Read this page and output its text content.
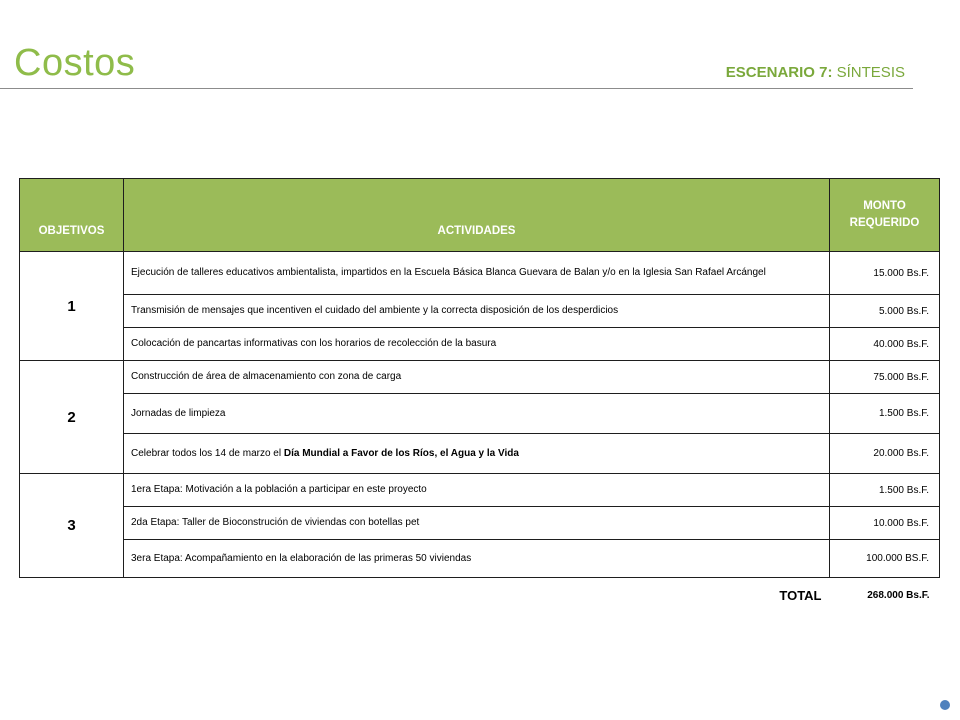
Costos	ESCENARIO 7: SÍNTESIS
OBJETIVOS	ACTIVIDADES	MONTO REQUERIDO
1	Ejecución de talleres educativos ambientalista, impartidos en la Escuela Básica Blanca Guevara de Balan y/o en la Iglesia San Rafael Arcángel	15.000 Bs.F.
	Transmisión de mensajes que incentiven el cuidado del ambiente y la correcta disposición de los desperdicios	5.000 Bs.F.
	Colocación de pancartas informativas con los horarios de recolección de la basura	40.000 Bs.F.
2	Construcción de área de almacenamiento con zona de carga	75.000 Bs.F.
	Jornadas de limpieza	1.500 Bs.F.
	Celebrar todos los 14 de marzo el Día Mundial a Favor de los Ríos, el Agua y la Vida	20.000 Bs.F.
3	1era Etapa: Motivación a la población a participar en este proyecto	1.500 Bs.F.
	2da Etapa: Taller de Bioconstrución de viviendas con botellas pet	10.000 Bs.F.
	3era Etapa: Acompañamiento en la elaboración de las primeras 50 viviendas	100.000 BS.F.
	TOTAL	268.000 Bs.F.
